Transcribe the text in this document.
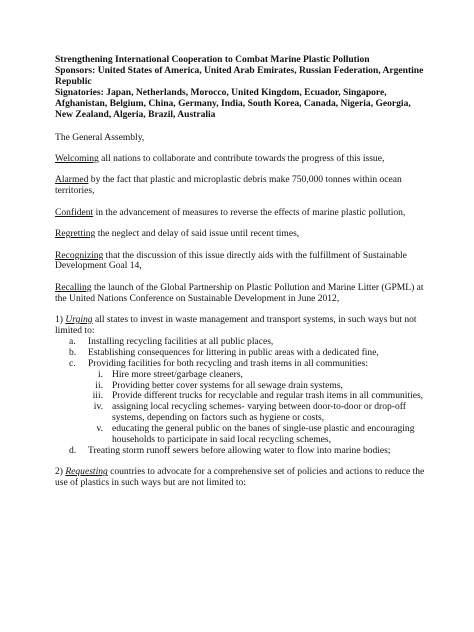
Strengthening International Cooperation to Combat Marine Plastic Pollution
Sponsors: United States of America, United Arab Emirates, Russian Federation, Argentine
Republic
Signatories: Japan, Netherlands, Morocco, United Kingdom, Ecuador, Singapore,
Afghanistan, Belgium, China, Germany, India, South Korea, Canada, Nigeria, Georgia,
New Zealand, Algeria, Brazil, Australia
The General Assembly,
Welcoming all nations to collaborate and contribute towards the progress of this issue,
Alarmed by the fact that plastic and microplastic debris make 750,000 tonnes within ocean territories,
Confident in the advancement of measures to reverse the effects of marine plastic pollution,
Regretting the neglect and delay of said issue until recent times,
Recognizing that the discussion of this issue directly aids with the fulfillment of Sustainable Development Goal 14,
Recalling the launch of the Global Partnership on Plastic Pollution and Marine Litter (GPML) at the United Nations Conference on Sustainable Development in June 2012,
1) Urging all states to invest in waste management and transport systems, in such ways but not limited to:
a. Installing recycling facilities at all public places,
b. Establishing consequences for littering in public areas with a dedicated fine,
c. Providing facilities for both recycling and trash items in all communities:
i. Hire more street/garbage cleaners,
ii. Providing better cover systems for all sewage drain systems,
iii. Provide different trucks for recyclable and regular trash items in all communities,
iv. assigning local recycling schemes- varying between door-to-door or drop-off systems, depending on factors such as hygiene or costs,
v. educating the general public on the banes of single-use plastic and encouraging households to participate in said local recycling schemes,
d. Treating storm runoff sewers before allowing water to flow into marine bodies;
2) Requesting countries to advocate for a comprehensive set of policies and actions to reduce the use of plastics in such ways but are not limited to:
